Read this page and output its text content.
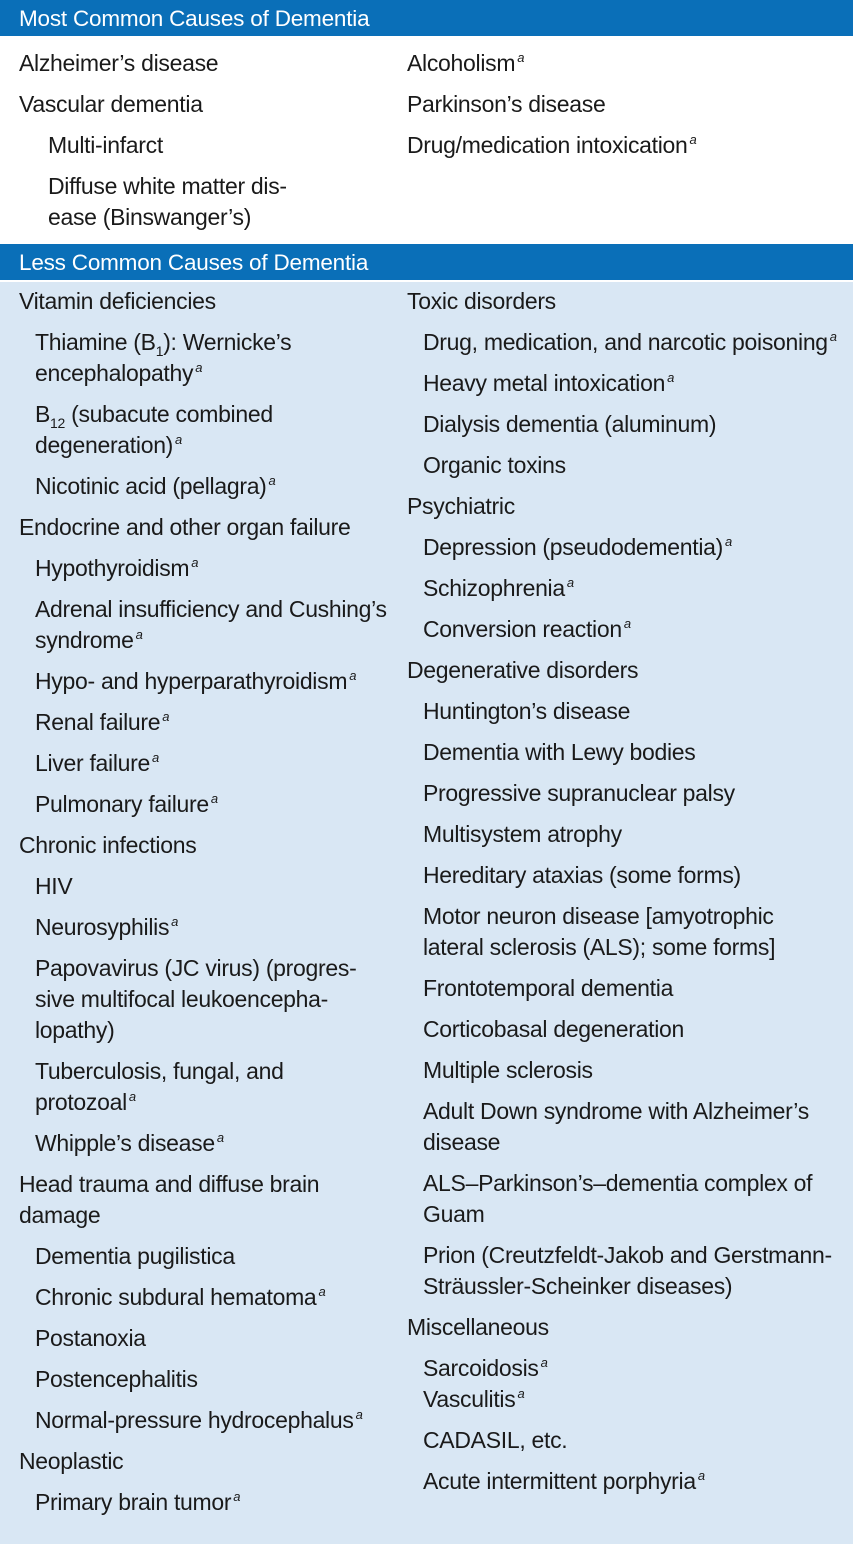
Most Common Causes of Dementia
Alzheimer’s disease
Vascular dementia
Multi-infarct
Diffuse white matter dis-
ease (Binswanger’s)
Alcoholism $^a$
Parkinson’s disease
Drug/medication intoxication $^a$
Less Common Causes of Dementia
Vitamin deficiencies
Thiamine $(B_1)$: Wernicke’s encephalopathy $^a$
$B_{12}$ (subacute combined degeneration) $^a$
Nicotinic acid (pellagra) $^a$
Endocrine and other organ failure
Hypothyroidism $^a$
Adrenal insufficiency and Cushing’s syndrome $^a$
Hypo- and hyperparathyroidism $^a$
Renal failure $^a$
Liver failure $^a$
Pulmonary failure $^a$
Chronic infections
HIV
Neurosyphilis $^a$
Papovavirus (JC virus) (progres-
sive multifocal leukoencepha-
lopathy)
Tuberculosis, fungal, and protozoal $^a$
Whipple’s disease $^a$
Head trauma and diffuse brain damage
Dementia pugilistica
Chronic subdural hematoma $^a$
Postanoxia
Postencephalitis
Normal-pressure hydrocephalus $^a$
Neoplastic
Primary brain tumor $^a$
Toxic disorders
Drug, medication, and narcotic poisoning $^a$
Heavy metal intoxication $^a$
Dialysis dementia (aluminum)
Organic toxins
Psychiatric
Depression (pseudodementia) $^a$
Schizophrenia $^a$
Conversion reaction $^a$
Degenerative disorders
Huntington’s disease
Dementia with Lewy bodies
Progressive supranuclear palsy
Multisystem atrophy
Hereditary ataxias (some forms)
Motor neuron disease [amyotrophic
lateral sclerosis (ALS); some forms]
Frontotemporal dementia
Corticobasal degeneration
Multiple sclerosis
Adult Down syndrome with Alzheimer’s
disease
ALS–Parkinson’s–dementia complex of
Guam
Prion (Creutzfeldt-Jakob and Gerstmann-
Sträussler-Scheinker diseases)
Miscellaneous
Sarcoidosis $^a$
Vasculitis $^a$
CADASIL, etc.
Acute intermittent porphyria $^a$
